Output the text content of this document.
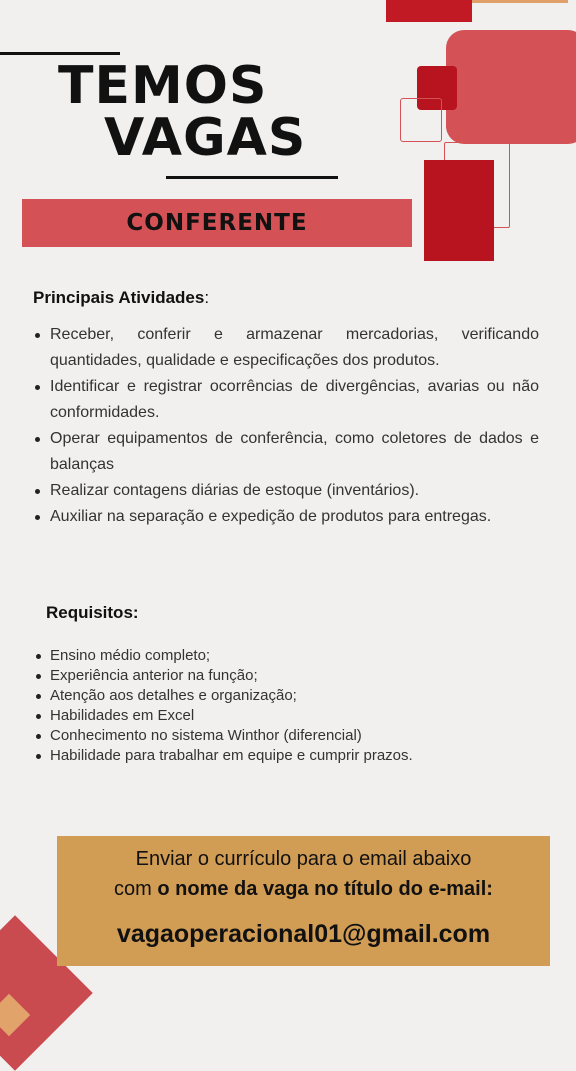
TEMOS
VAGAS
CONFERENTE

Principais Atividades:

Receber, conferir e armazenar mercadorias, verificando quantidades, qualidade e especificações dos produtos.
Identificar e registrar ocorrências de divergências, avarias ou não conformidades.
Operar equipamentos de conferência, como coletores de dados e balanças
Realizar contagens diárias de estoque (inventários).
Auxiliar na separação e expedição de produtos para entregas.

Requisitos:

Ensino médio completo;
Experiência anterior na função;
Atenção aos detalhes e organização;
Habilidades em Excel
Conhecimento no sistema Winthor (diferencial)
Habilidade para trabalhar em equipe e cumprir prazos.
Enviar o currículo para o email abaixo
com o nome da vaga no título do e-mail:
vagaoperacional01@gmail.com
